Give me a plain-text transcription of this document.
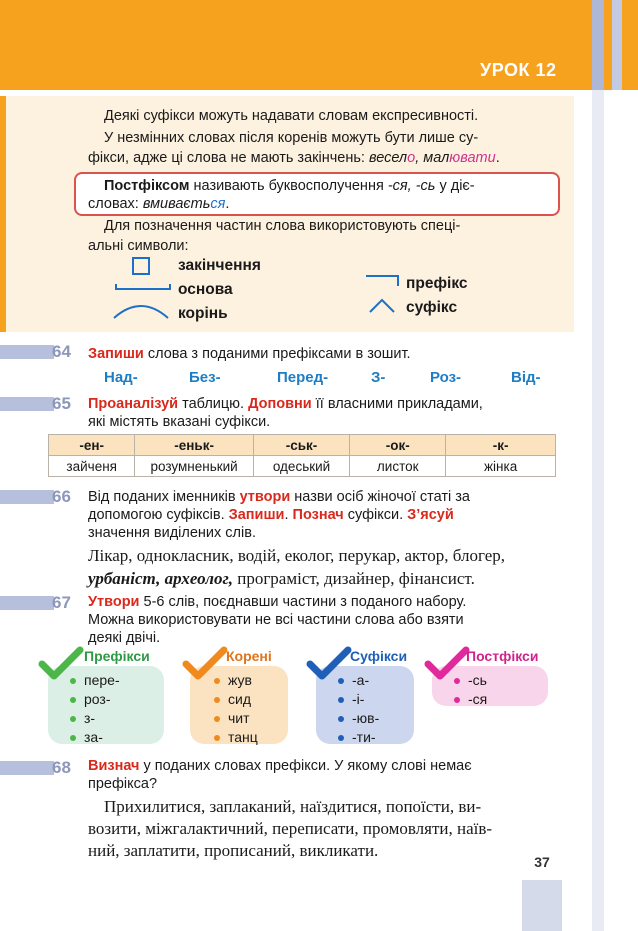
УРОК 12
Деякі суфікси можуть надавати словам експресивності.
У незмінних словах після коренів можуть бути лише су-
фікси, адже ці слова не мають закінчень: весело, малювати.
Постфіксом називають буквосполучення -ся, -сь у діє-
словах: вмивається.
Для позначення частин слова використовують спеці-
альні символи:
закінчення
основа
корінь
префікс
суфікс
64 Запиши слова з поданими префіксами в зошит.
Над-	Без-	Перед-	З-	Роз-	Від-
65 Проаналізуй таблицю. Доповни її власними прикладами,
які містять вказані суфікси.
-ен-	-еньк-	-ськ-	-ок-	-к-
зайченя	розумненький	одеський	листок	жінка
66 Від поданих іменників утвори назви осіб жіночої статі за
допомогою суфіксів. Запиши. Познач суфікси. З’ясуй
значення виділених слів.
Лікар, однокласник, водій, еколог, перукар, актор, блогер,
урбаніст, археолог, програміст, дизайнер, фінансист.
67 Утвори 5-6 слів, поєднавши частини з поданого набору.
Можна використовувати не всі частини слова або взяти
деякі двічі.
Префікси
пере-
роз-
з-
за-
Корені
жув
сид
чит
танц
Суфікси
-а-
-і-
-юв-
-ти-
Постфікси
-сь
-ся
68 Визнач у поданих словах префікси. У якому слові немає
префікса?
Прихилитися, заплаканий, наїздитися, попоїсти, ви-
возити, міжгалактичний, переписати, промовляти, наїв-
ний, заплатити, прописаний, викликати.
37
